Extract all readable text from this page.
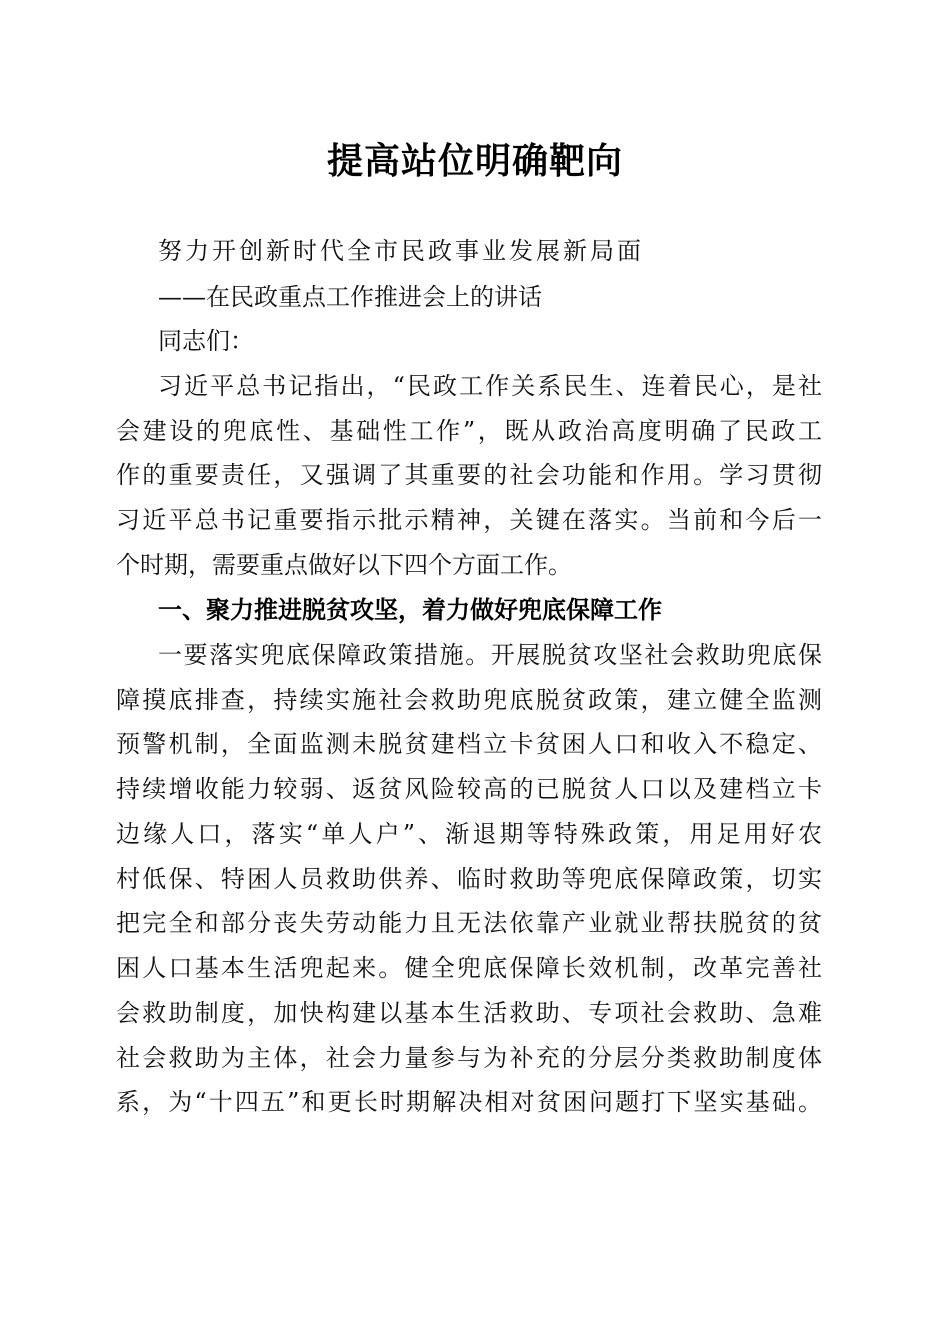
提高站位明确靶向
努力开创新时代全市民政事业发展新局面
——在民政重点工作推进会上的讲话
同志们：
习近平总书记指出，“民政工作关系民生、连着民心，是社
会建设的兜底性、基础性工作”，既从政治高度明确了民政工
作的重要责任，又强调了其重要的社会功能和作用。学习贯彻
习近平总书记重要指示批示精神，关键在落实。当前和今后一
个时期，需要重点做好以下四个方面工作。
一、聚力推进脱贫攻坚，着力做好兜底保障工作
一要落实兜底保障政策措施。开展脱贫攻坚社会救助兜底保
障摸底排查，持续实施社会救助兜底脱贫政策，建立健全监测
预警机制，全面监测未脱贫建档立卡贫困人口和收入不稳定、
持续增收能力较弱、返贫风险较高的已脱贫人口以及建档立卡
边缘人口，落实“单人户”、渐退期等特殊政策，用足用好农
村低保、特困人员救助供养、临时救助等兜底保障政策，切实
把完全和部分丧失劳动能力且无法依靠产业就业帮扶脱贫的贫
困人口基本生活兜起来。健全兜底保障长效机制，改革完善社
会救助制度，加快构建以基本生活救助、专项社会救助、急难
社会救助为主体，社会力量参与为补充的分层分类救助制度体
系，为“十四五”和更长时期解决相对贫困问题打下坚实基础。
